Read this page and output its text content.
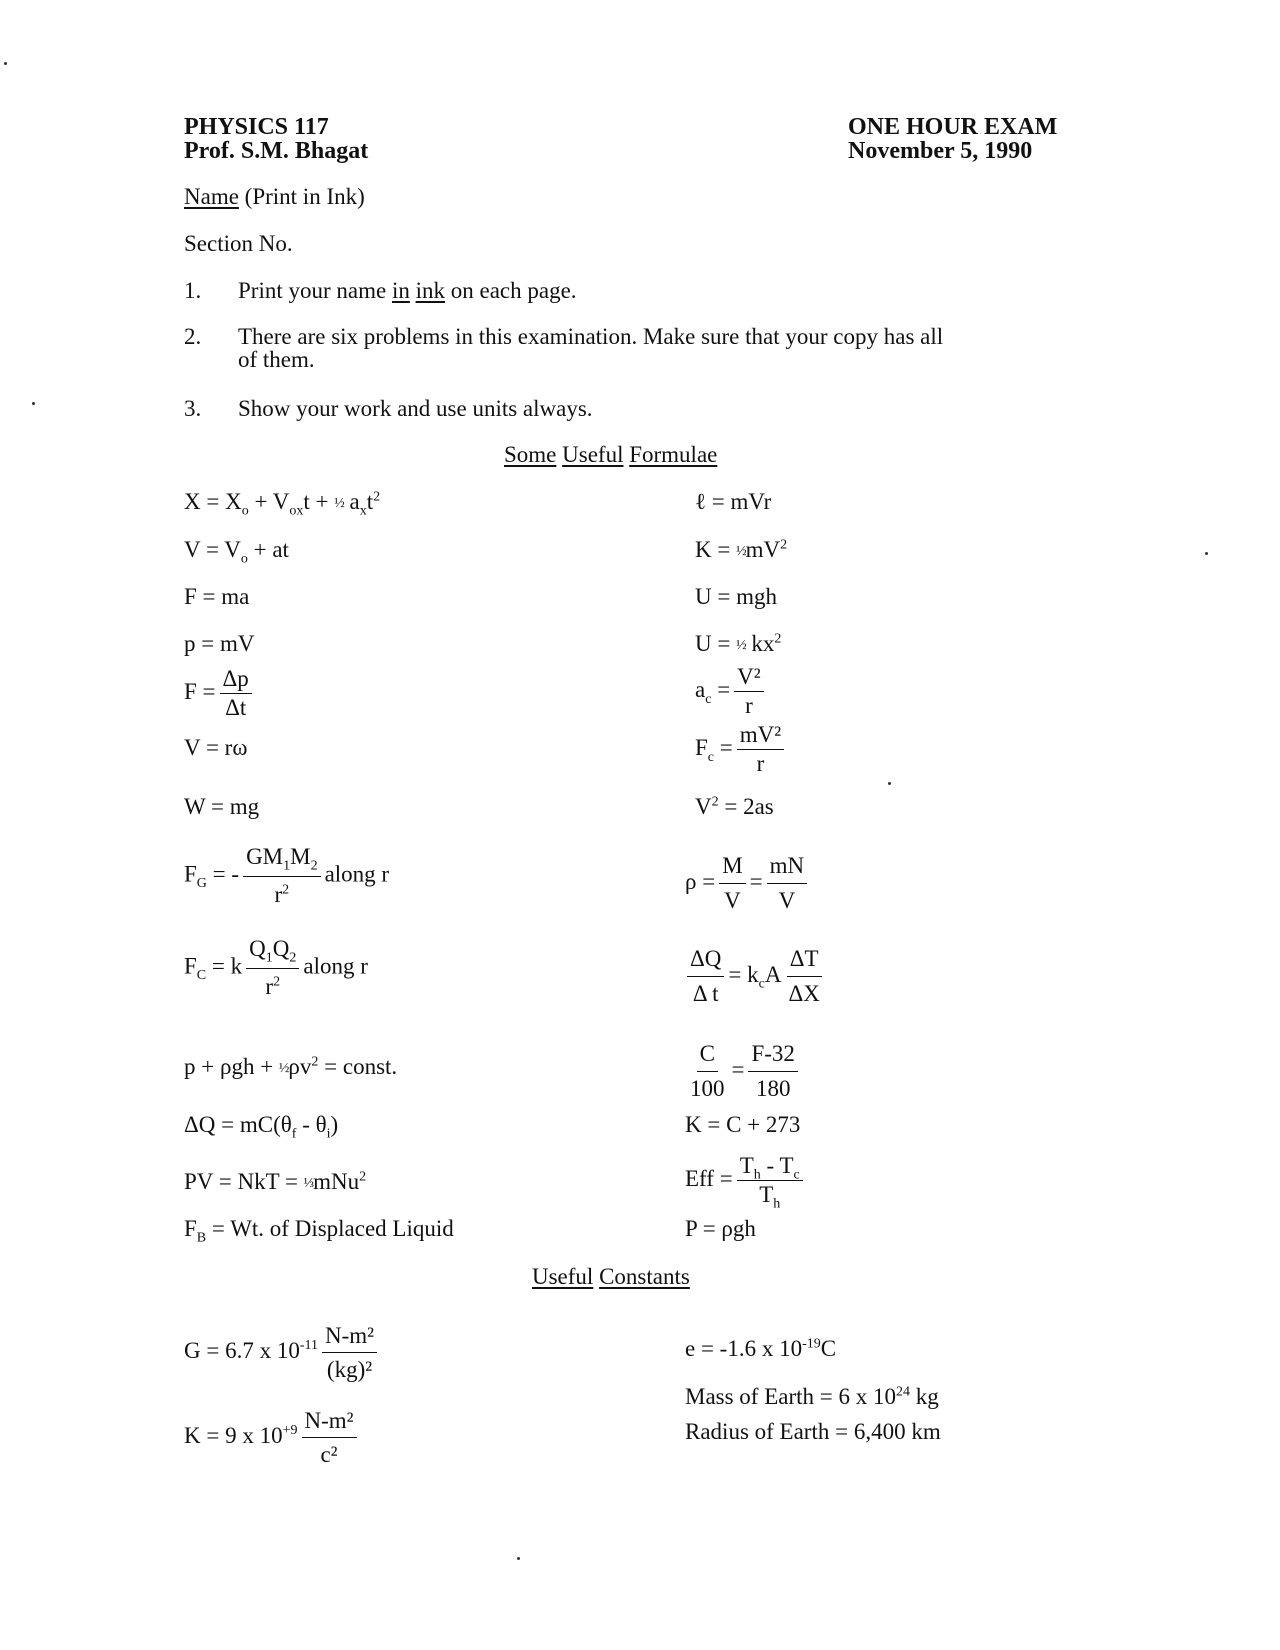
PHYSICS 117
Prof. S.M. Bhagat
ONE HOUR EXAM
November 5, 1990
Name (Print in Ink)
Section No.
1. Print your name in ink on each page.
2. There are six problems in this examination. Make sure that your copy has all
of them.
3. Show your work and use units always.
Some Useful Formulae
$X = X_o + V_{ox}t$ + ½ $a_xt^2$
$V = V_o$ + at
F = ma
p = mV
$F = \frac{\Delta p}{\Delta t}$
V = rω
W = mg
$F_G$ = - $\frac{GM_1M_2}{r^2}$ along r
$F_C = k \frac{Q_1Q_2}{r^2}$ along r
$p + \rho gh + \frac{1}{2}\rho v^2$ = const.
$\Delta Q = mC(\theta_f - \theta_i)$
PV = NkT = ⅓mNu$^2$
$F_B = Wt$. of Displaced Liquid
ℓ = mVr
$K = \frac{1}{2}mV^2$
U = mgh
U = ½ $kx^2$
$a_c = \frac{\text{V²}}{r}$
$F_c = \frac{\text{mV²}}{r}$
$V^2 = 2as$
$\rho = \frac{M}{V} = \frac{mN}{V}$
$\frac{\Delta Q}{\text{Δ t}} = k_cA \frac{\Delta T}{\Delta X}$
$\frac{C}{100} = \frac{F-32}{180}$
K = C + 273
Eff = $\frac{T_h - T_c}{T_h}$
P = ρgh
Useful Constants
G = 6.7 x $10^{-11} \frac{\text{N-m²}}{\text{(kg)²}}$
K = 9 x $10^{+9} \frac{\text{N-m²}}{\text{c²}}$
e = -1.6 x $10^{-19}C$
Mass of Earth = 6 x $10^{24}$ kg
Radius of Earth = 6,400 km
